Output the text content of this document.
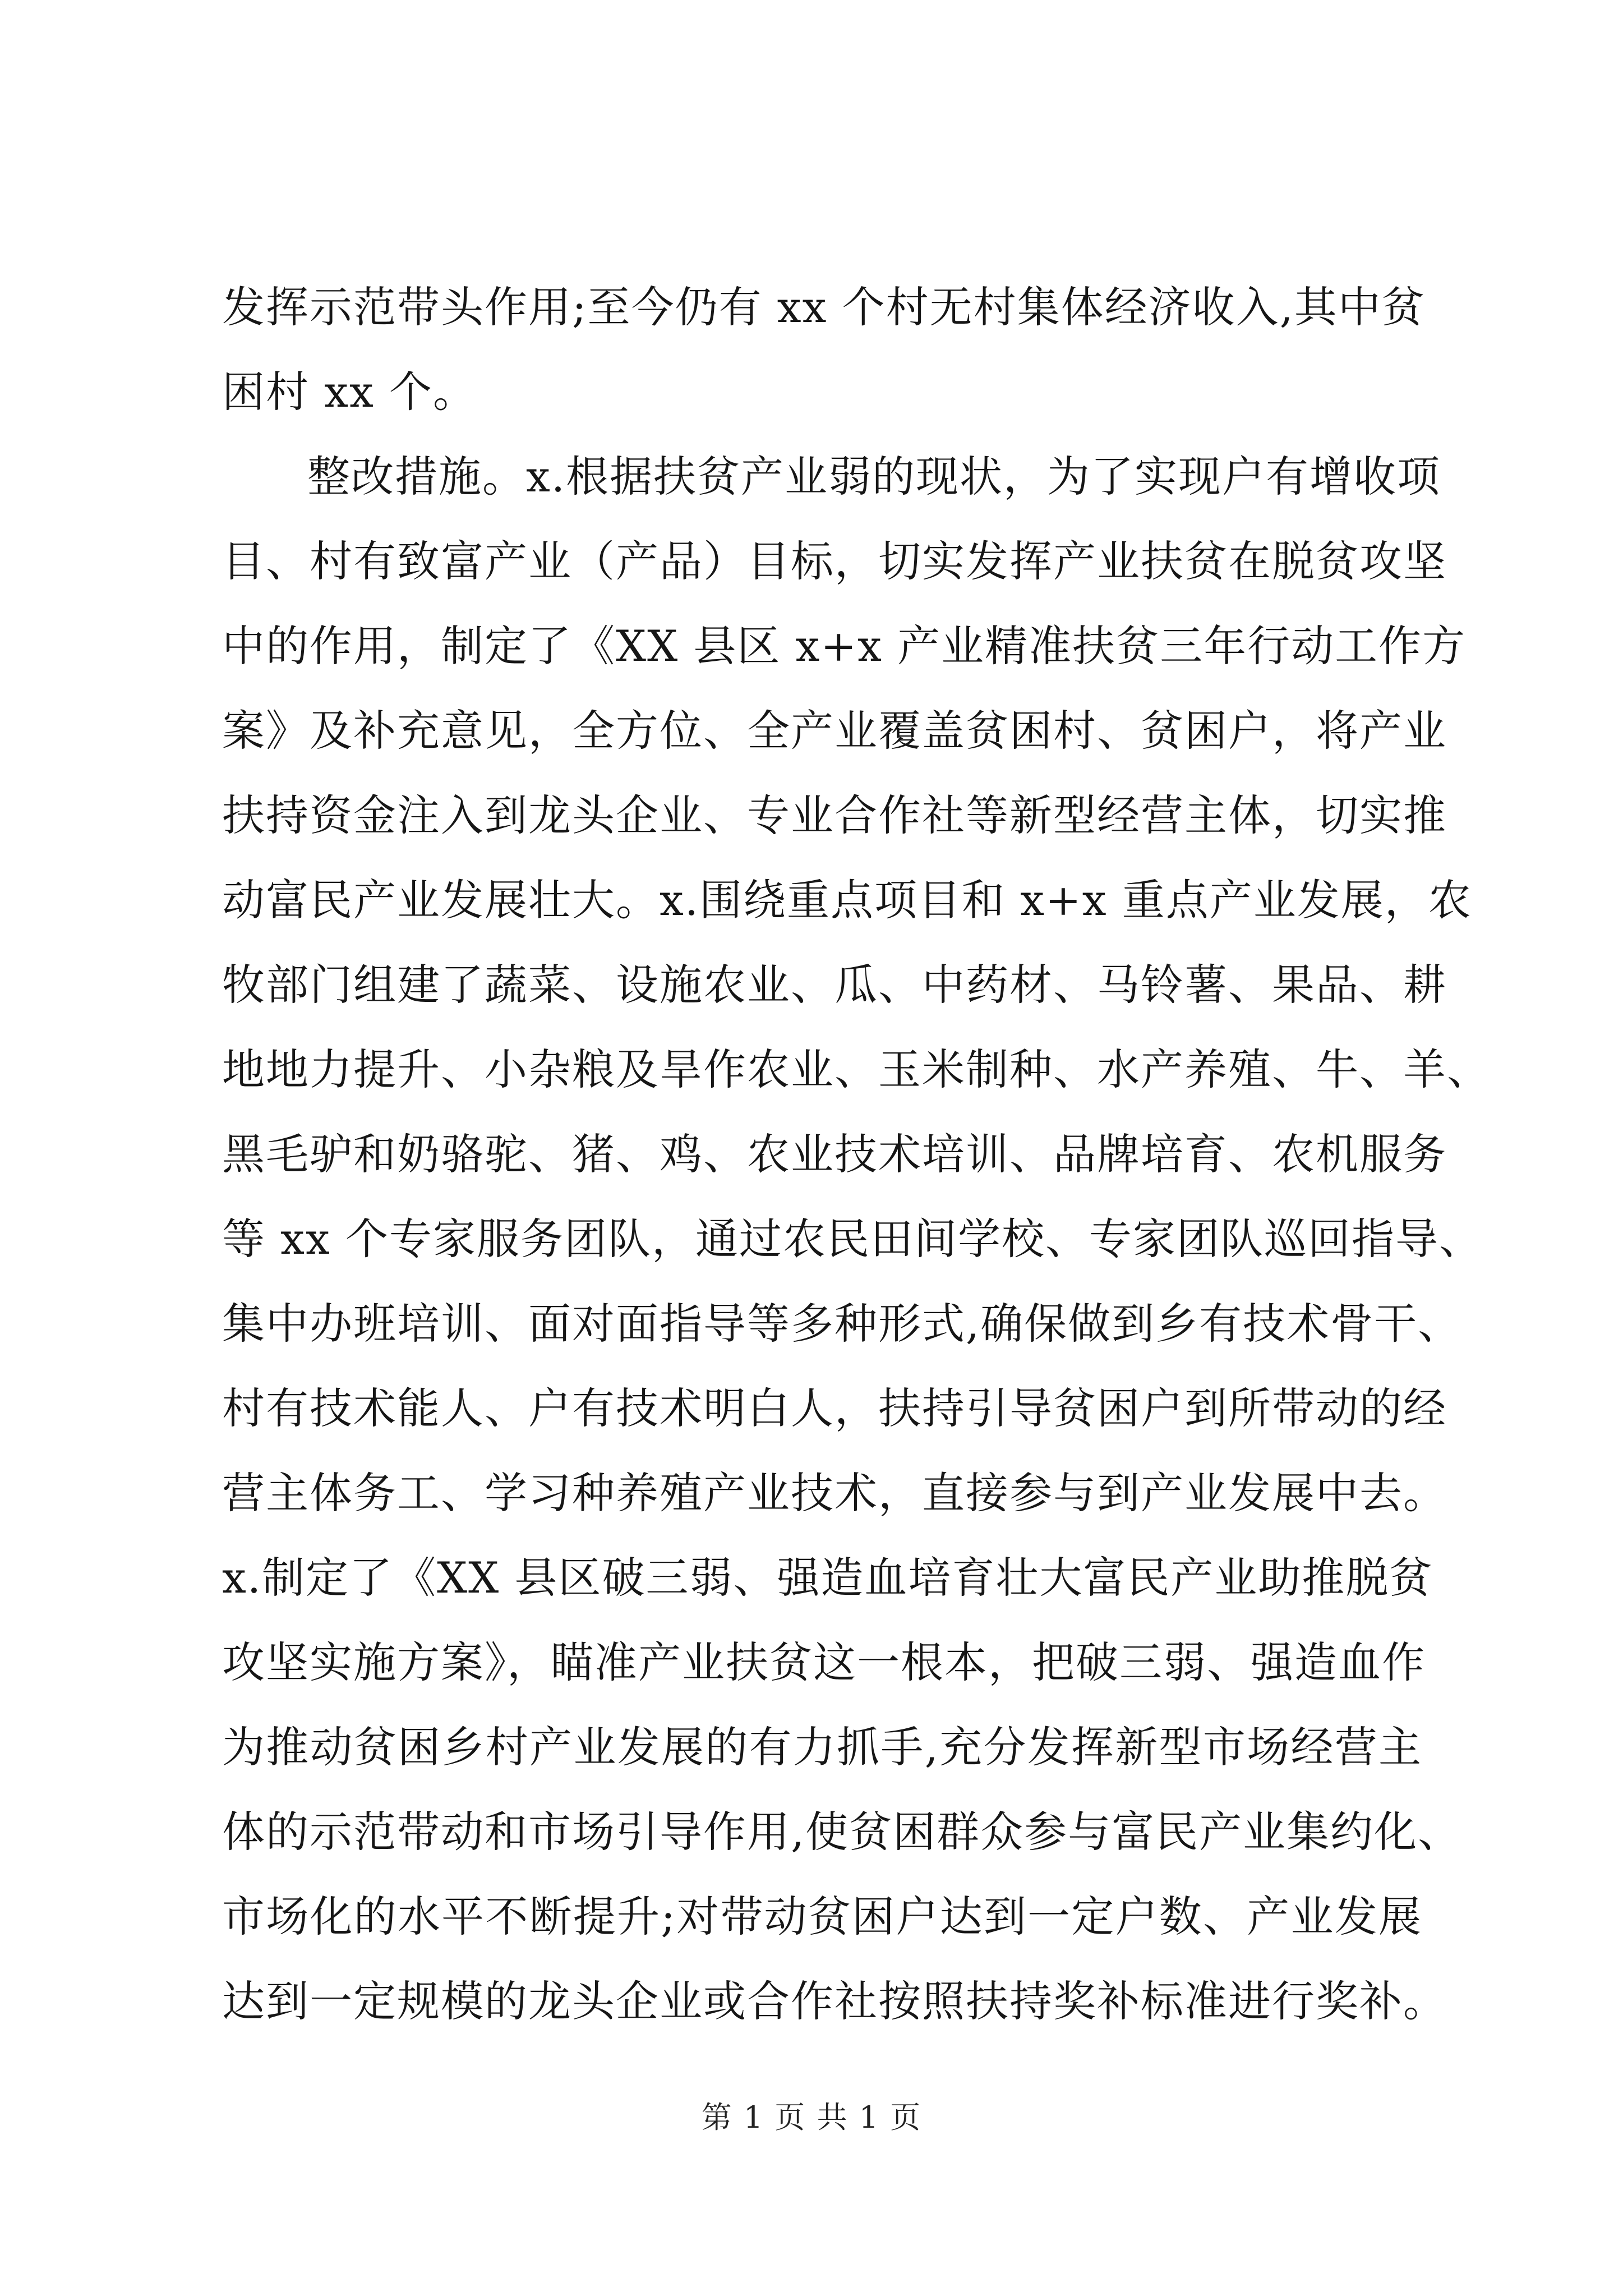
发挥示范带头作用;至今仍有 xx 个村无村集体经济收入,其中贫
困村 xx 个。
整改措施。x.根据扶贫产业弱的现状，为了实现户有增收项
目、村有致富产业（产品）目标，切实发挥产业扶贫在脱贫攻坚
中的作用，制定了《XX 县区 x+x 产业精准扶贫三年行动工作方
案》及补充意见，全方位、全产业覆盖贫困村、贫困户，将产业
扶持资金注入到龙头企业、专业合作社等新型经营主体，切实推
动富民产业发展壮大。x.围绕重点项目和 x+x 重点产业发展，农
牧部门组建了蔬菜、设施农业、瓜、中药材、马铃薯、果品、耕
地地力提升、小杂粮及旱作农业、玉米制种、水产养殖、牛、羊、
黑毛驴和奶骆驼、猪、鸡、农业技术培训、品牌培育、农机服务
等 xx 个专家服务团队，通过农民田间学校、专家团队巡回指导、
集中办班培训、面对面指导等多种形式,确保做到乡有技术骨干、
村有技术能人、户有技术明白人，扶持引导贫困户到所带动的经
营主体务工、学习种养殖产业技术，直接参与到产业发展中去。
x.制定了《XX 县区破三弱、强造血培育壮大富民产业助推脱贫
攻坚实施方案》，瞄准产业扶贫这一根本，把破三弱、强造血作
为推动贫困乡村产业发展的有力抓手,充分发挥新型市场经营主
体的示范带动和市场引导作用,使贫困群众参与富民产业集约化、
市场化的水平不断提升;对带动贫困户达到一定户数、产业发展
达到一定规模的龙头企业或合作社按照扶持奖补标准进行奖补。
第 1 页 共 1 页
